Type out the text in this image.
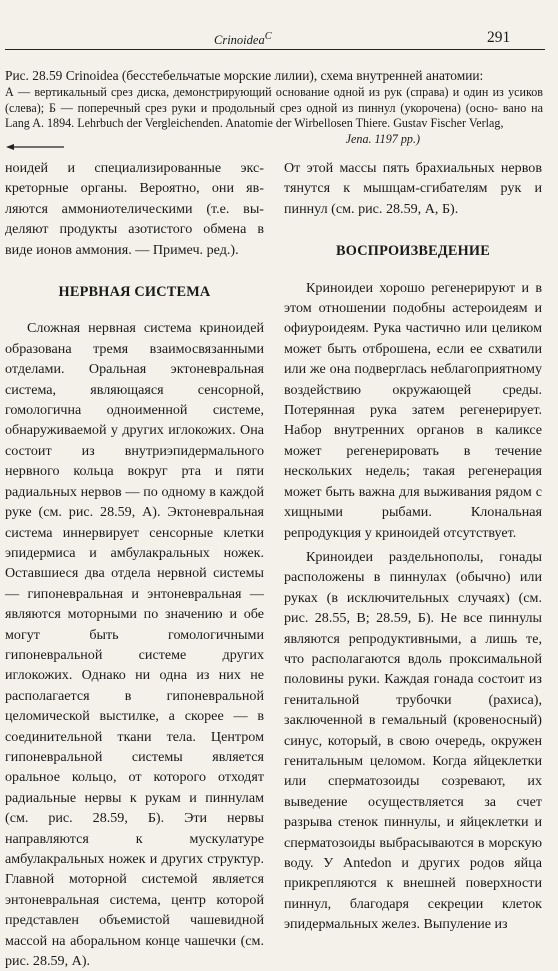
Crinoidea$^C$	291
Рис. 28.59 Crinoidea (бесстебельчатые морские лилии), схема внутренней анатомии:
А — вертикальный срез диска, демонстрирующий основание одной из рук (справа) и один из усиков (слева); Б — поперечный срез руки и продольный срез одной из пиннул (укорочена) (осно- вано на Lang A. 1894. Lehrbuch der Vergleichenden. Anatomie der Wirbellosen Thiere. Gustav Fischer Verlag,
Jena. 1197 pp.)

ноидей и специализированные экс- креторные органы. Вероятно, они яв- ляются аммониотелическими (т.е. вы- деляют продукты азотистого обмена в виде ионов аммония. — Примеч. ред.).

НЕРВНАЯ СИСТЕМА

Сложная нервная система криноидей образована тремя взаимосвязанными отделами. Оральная эктоневральная система, являющаяся сенсорной, гомологична одноименной системе, обнаруживаемой у других иглокожих. Она состоит из внутриэпидермального нервного кольца вокруг рта и пяти радиальных нервов — по одному в каждой руке (см. рис. 28.59, А). Эктоневральная система иннервирует сенсорные клетки эпидермиса и амбулакральных ножек. Оставшиеся два отдела нервной системы — гипоневральная и энтоневральная — являются моторными по значению и обе могут быть гомологичными гипоневральной системе других иглокожих. Однако ни одна из них не располагается в гипоневральной целомической выстилке, а скорее — в соединительной ткани тела. Центром гипоневральной системы является оральное кольцо, от которого отходят радиальные нервы к рукам и пиннулам (см. рис. 28.59, Б). Эти нервы направляются к мускулатуре амбулакральных ножек и других структур. Главной моторной системой является энтоневральная система, центр которой представлен объемистой чашевидной массой на аборальном конце чашечки (см. рис. 28.59, А).

От этой массы пять брахиальных нервов тянутся к мышцам-сгибателям рук и пиннул (см. рис. 28.59, А, Б).

ВОСПРОИЗВЕДЕНИЕ

Криноидеи хорошо регенерируют и в этом отношении подобны астероидеям и офиуроидеям. Рука частично или целиком может быть отброшена, если ее схватили или же она подверглась неблагоприятному воздействию окружающей среды. Потерянная рука затем регенерирует. Набор внутренних органов в каликсе может регенерировать в течение нескольких недель; такая регенерация может быть важна для выживания рядом с хищными рыбами. Клональная репродукция у криноидей отсутствует.

Криноидеи раздельнополы, гонады расположены в пиннулах (обычно) или руках (в исключительных случаях) (см. рис. 28.55, В; 28.59, Б). Не все пиннулы являются репродуктивными, а лишь те, что располагаются вдоль проксимальной половины руки. Каждая гонада состоит из генитальной трубочки (рахиса), заключенной в гемальный (кровеносный) синус, который, в свою очередь, окружен генитальным целомом. Когда яйцеклетки или сперматозоиды созревают, их выведение осуществляется за счет разрыва стенок пиннулы, и яйцеклетки и сперматозоиды выбрасываются в морскую воду. У Antedon и других родов яйца прикрепляются к внешней поверхности пиннул, благодаря секреции клеток эпидермальных желез. Выпуление из
